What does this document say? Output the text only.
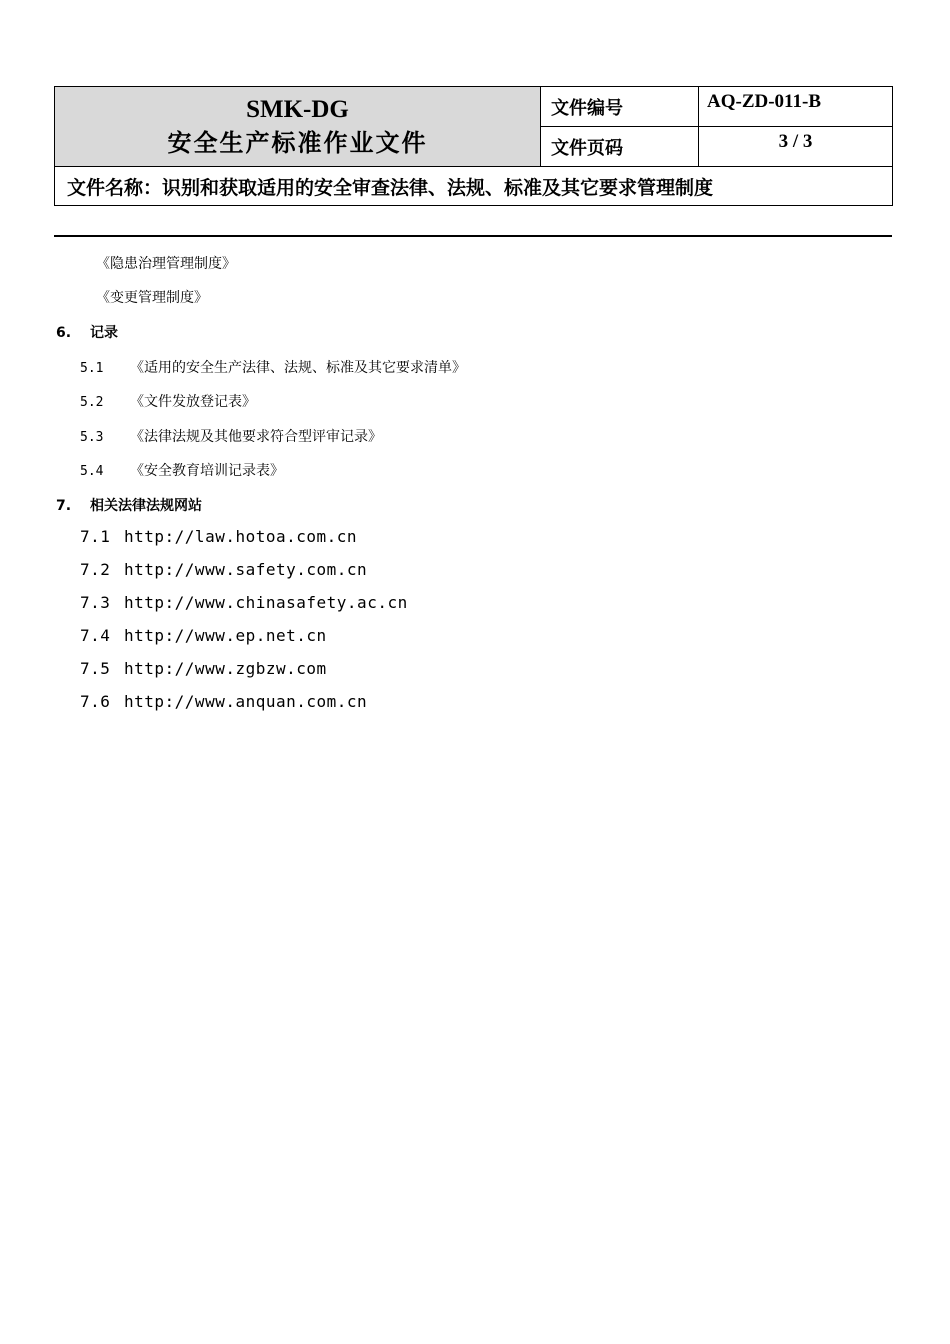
SMK-DG
安全生产标准作业文件	文件编号	AQ-ZD-011-B
	文件页码	3 / 3
文件名称：识别和获取适用的安全审查法律、法规、标准及其它要求管理制度		
《隐患治理管理制度》
《变更管理制度》
6. 记录
5.1 《适用的安全生产法律、法规、标准及其它要求清单》
5.2 《文件发放登记表》
5.3 《法律法规及其他要求符合型评审记录》
5.4 《安全教育培训记录表》
7. 相关法律法规网站
7.1 http://law.hotoa.com.cn
7.2 http://www.safety.com.cn
7.3 http://www.chinasafety.ac.cn
7.4 http://www.ep.net.cn
7.5 http://www.zgbzw.com
7.6 http://www.anquan.com.cn
